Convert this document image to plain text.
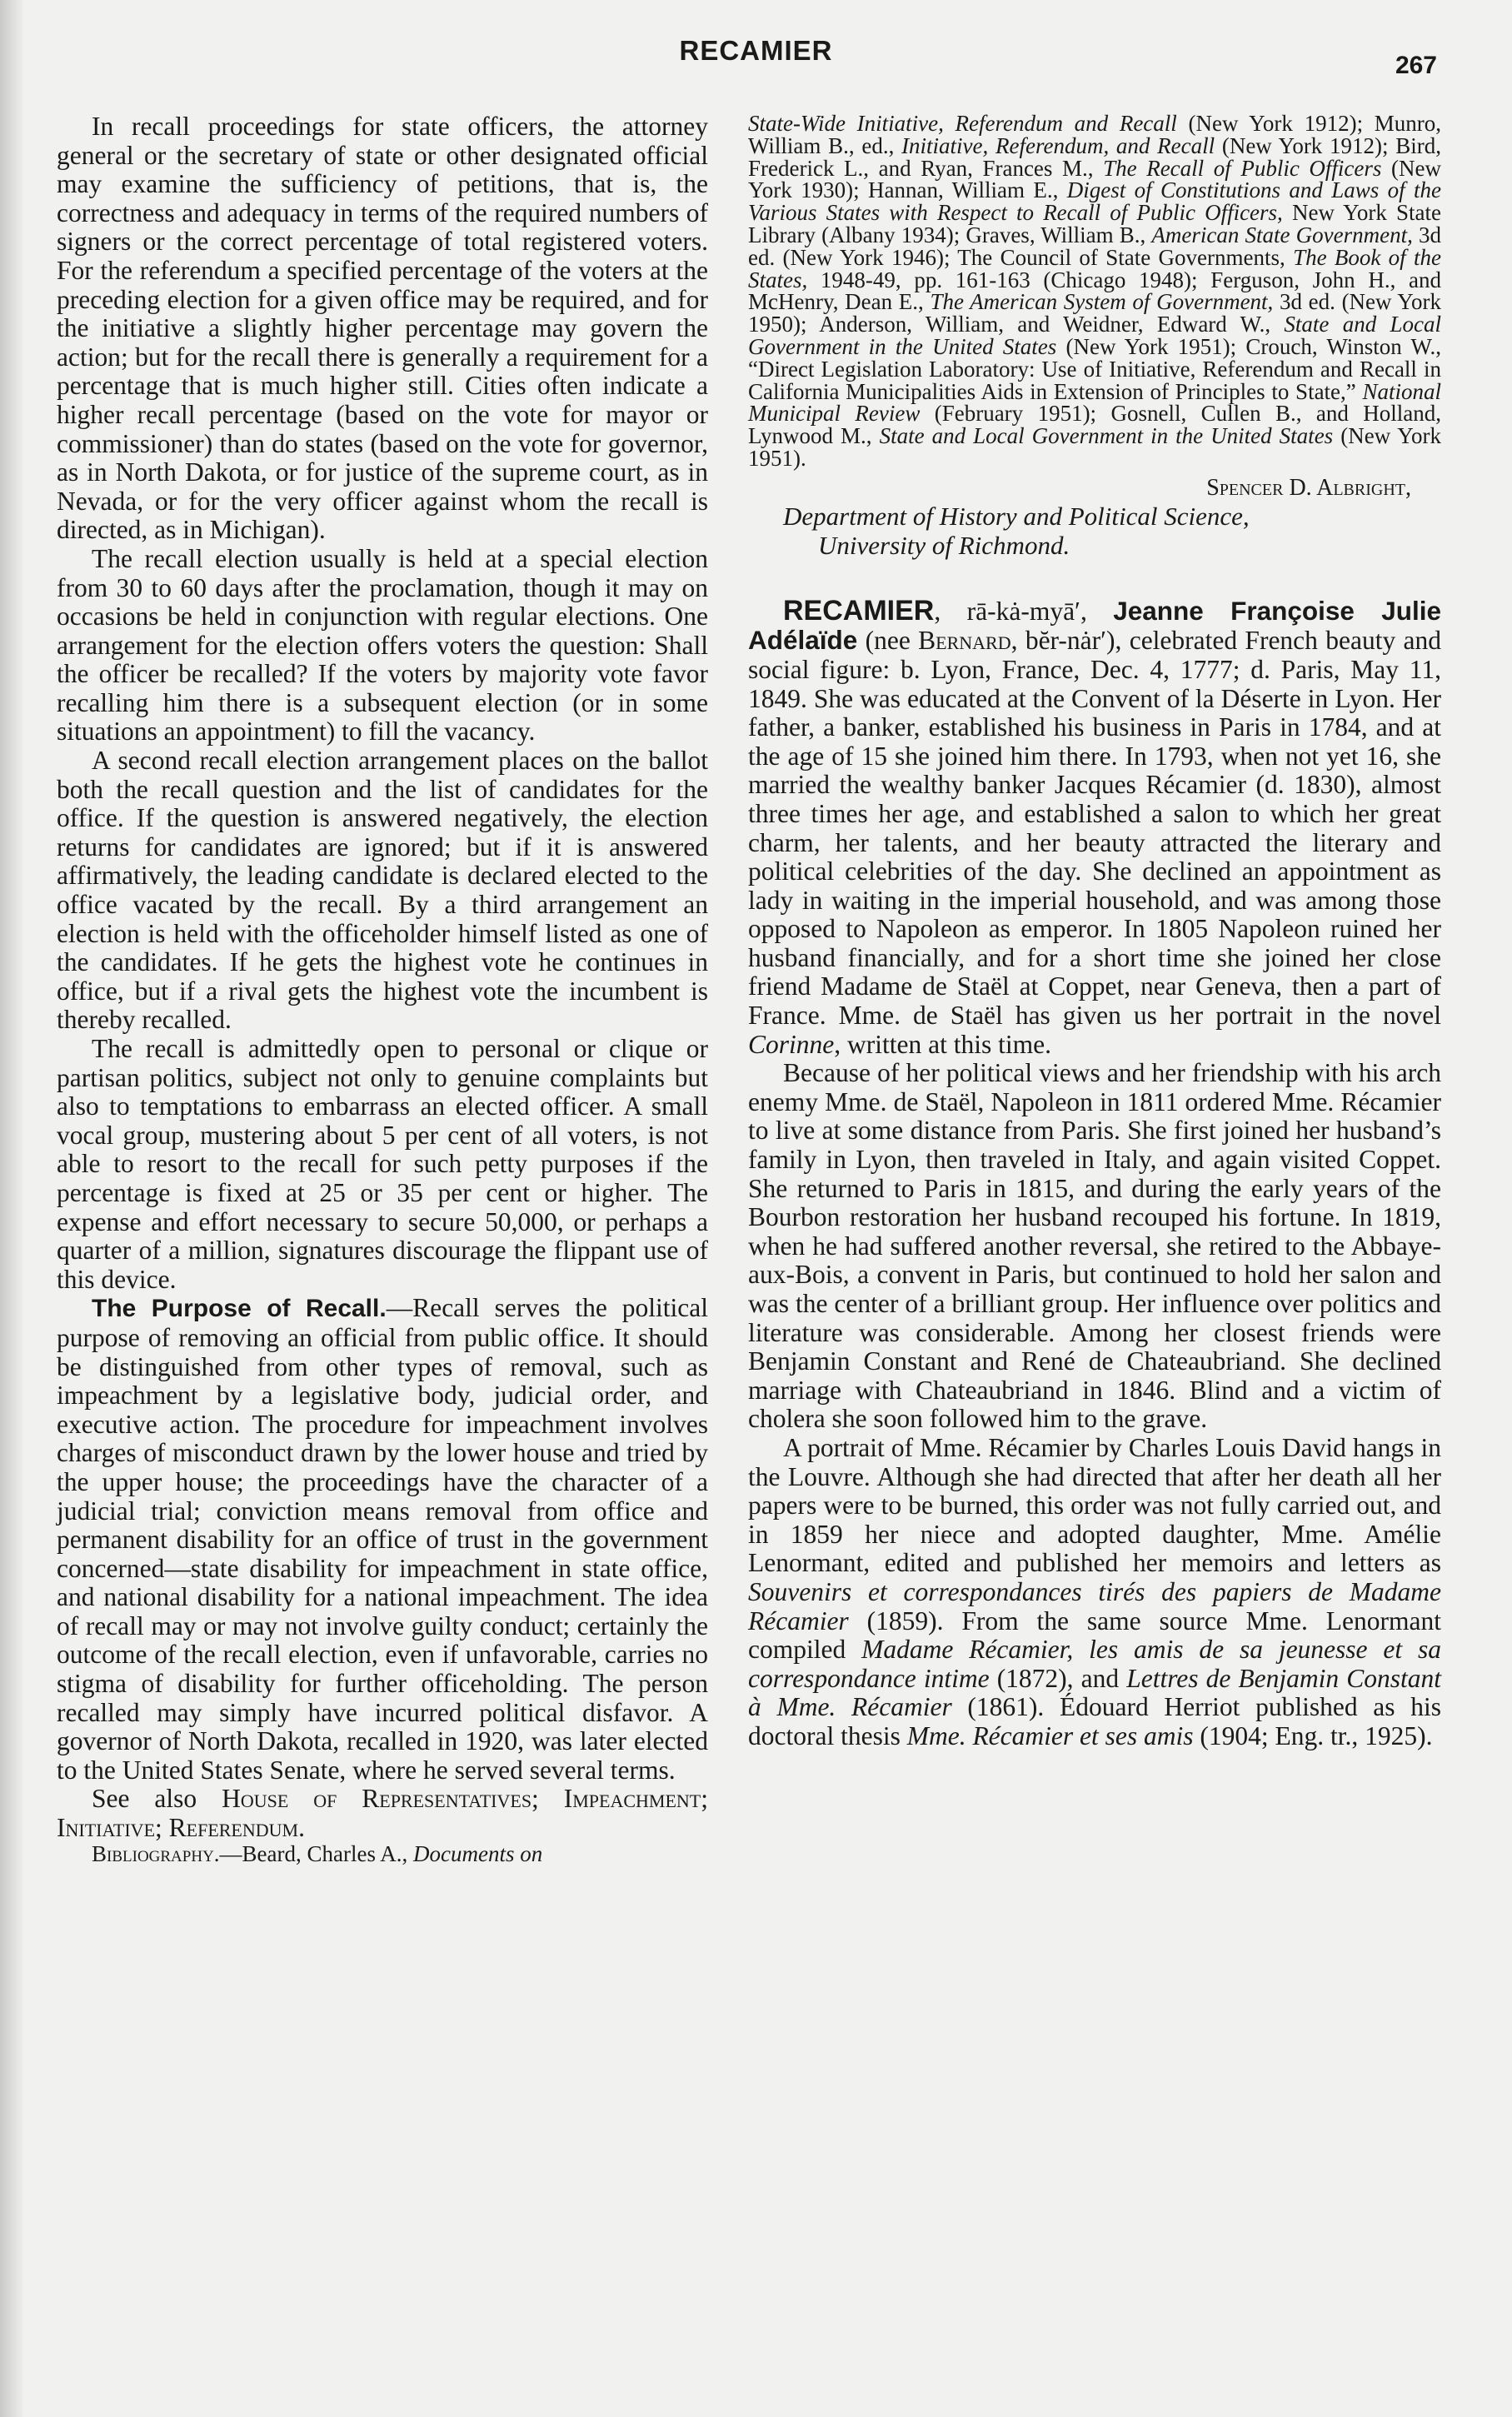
RECAMIER	267

In recall proceedings for state officers, the attorney general or the secretary of state or other designated official may examine the sufficiency of petitions, that is, the correctness and adequacy in terms of the required numbers of signers or the correct percentage of total registered voters. For the referendum a specified percentage of the voters at the preceding election for a given office may be required, and for the initiative a slightly higher percentage may govern the action; but for the recall there is generally a requirement for a percentage that is much higher still. Cities often indicate a higher recall percentage (based on the vote for mayor or commissioner) than do states (based on the vote for governor, as in North Dakota, or for justice of the supreme court, as in Nevada, or for the very officer against whom the recall is directed, as in Michigan).

The recall election usually is held at a special election from 30 to 60 days after the proclamation, though it may on occasions be held in conjunction with regular elections. One arrangement for the election offers voters the question: Shall the officer be recalled? If the voters by majority vote favor recalling him there is a subsequent election (or in some situations an appointment) to fill the vacancy.

A second recall election arrangement places on the ballot both the recall question and the list of candidates for the office. If the question is answered negatively, the election returns for candidates are ignored; but if it is answered affirmatively, the leading candidate is declared elected to the office vacated by the recall. By a third arrangement an election is held with the officeholder himself listed as one of the candidates. If he gets the highest vote he continues in office, but if a rival gets the highest vote the incumbent is thereby recalled.

The recall is admittedly open to personal or clique or partisan politics, subject not only to genuine complaints but also to temptations to embarrass an elected officer. A small vocal group, mustering about 5 per cent of all voters, is not able to resort to the recall for such petty purposes if the percentage is fixed at 25 or 35 per cent or higher. The expense and effort necessary to secure 50,000, or perhaps a quarter of a million, signatures discourage the flippant use of this device.

The Purpose of Recall.—Recall serves the political purpose of removing an official from public office. It should be distinguished from other types of removal, such as impeachment by a legislative body, judicial order, and executive action. The procedure for impeachment involves charges of misconduct drawn by the lower house and tried by the upper house; the proceedings have the character of a judicial trial; conviction means removal from office and permanent disability for an office of trust in the government concerned—state disability for impeachment in state office, and national disability for a national impeachment. The idea of recall may or may not involve guilty conduct; certainly the outcome of the recall election, even if unfavorable, carries no stigma of disability for further officeholding. The person recalled may simply have incurred political disfavor. A governor of North Dakota, recalled in 1920, was later elected to the United States Senate, where he served several terms.

See also House of Representatives; Impeachment; Initiative; Referendum.

Bibliography.—Beard, Charles A., Documents on

State-Wide Initiative, Referendum and Recall (New York 1912); Munro, William B., ed., Initiative, Referendum, and Recall (New York 1912); Bird, Frederick L., and Ryan, Frances M., The Recall of Public Officers (New York 1930); Hannan, William E., Digest of Constitutions and Laws of the Various States with Respect to Recall of Public Officers, New York State Library (Albany 1934); Graves, William B., American State Government, 3d ed. (New York 1946); The Council of State Governments, The Book of the States, 1948-49, pp. 161-163 (Chicago 1948); Ferguson, John H., and McHenry, Dean E., The American System of Government, 3d ed. (New York 1950); Anderson, William, and Weidner, Edward W., State and Local Government in the United States (New York 1951); Crouch, Winston W., “Direct Legislation Laboratory: Use of Initiative, Referendum and Recall in California Municipalities Aids in Extension of Principles to State,” National Municipal Review (February 1951); Gosnell, Cullen B., and Holland, Lynwood M., State and Local Government in the United States (New York 1951).

Spencer D. Albright,

Department of History and Political Science,
University of Richmond.

RECAMIER, rā-kȧ-myā′, Jeanne Françoise Julie Adélaïde (nee Bernard, bĕr-nȧr′), celebrated French beauty and social figure: b. Lyon, France, Dec. 4, 1777; d. Paris, May 11, 1849. She was educated at the Convent of la Déserte in Lyon. Her father, a banker, established his business in Paris in 1784, and at the age of 15 she joined him there. In 1793, when not yet 16, she married the wealthy banker Jacques Récamier (d. 1830), almost three times her age, and established a salon to which her great charm, her talents, and her beauty attracted the literary and political celebrities of the day. She declined an appointment as lady in waiting in the imperial household, and was among those opposed to Napoleon as emperor. In 1805 Napoleon ruined her husband financially, and for a short time she joined her close friend Madame de Staël at Coppet, near Geneva, then a part of France. Mme. de Staël has given us her portrait in the novel Corinne, written at this time.

Because of her political views and her friendship with his arch enemy Mme. de Staël, Napoleon in 1811 ordered Mme. Récamier to live at some distance from Paris. She first joined her husband’s family in Lyon, then traveled in Italy, and again visited Coppet. She returned to Paris in 1815, and during the early years of the Bourbon restoration her husband recouped his fortune. In 1819, when he had suffered another reversal, she retired to the Abbaye-aux-Bois, a convent in Paris, but continued to hold her salon and was the center of a brilliant group. Her influence over politics and literature was considerable. Among her closest friends were Benjamin Constant and René de Chateaubriand. She declined marriage with Chateaubriand in 1846. Blind and a victim of cholera she soon followed him to the grave.

A portrait of Mme. Récamier by Charles Louis David hangs in the Louvre. Although she had directed that after her death all her papers were to be burned, this order was not fully carried out, and in 1859 her niece and adopted daughter, Mme. Amélie Lenormant, edited and published her memoirs and letters as Souvenirs et correspondances tirés des papiers de Madame Récamier (1859). From the same source Mme. Lenormant compiled Madame Récamier, les amis de sa jeunesse et sa correspondance intime (1872), and Lettres de Benjamin Constant à Mme. Récamier (1861). Édouard Herriot published as his doctoral thesis Mme. Récamier et ses amis (1904; Eng. tr., 1925).
